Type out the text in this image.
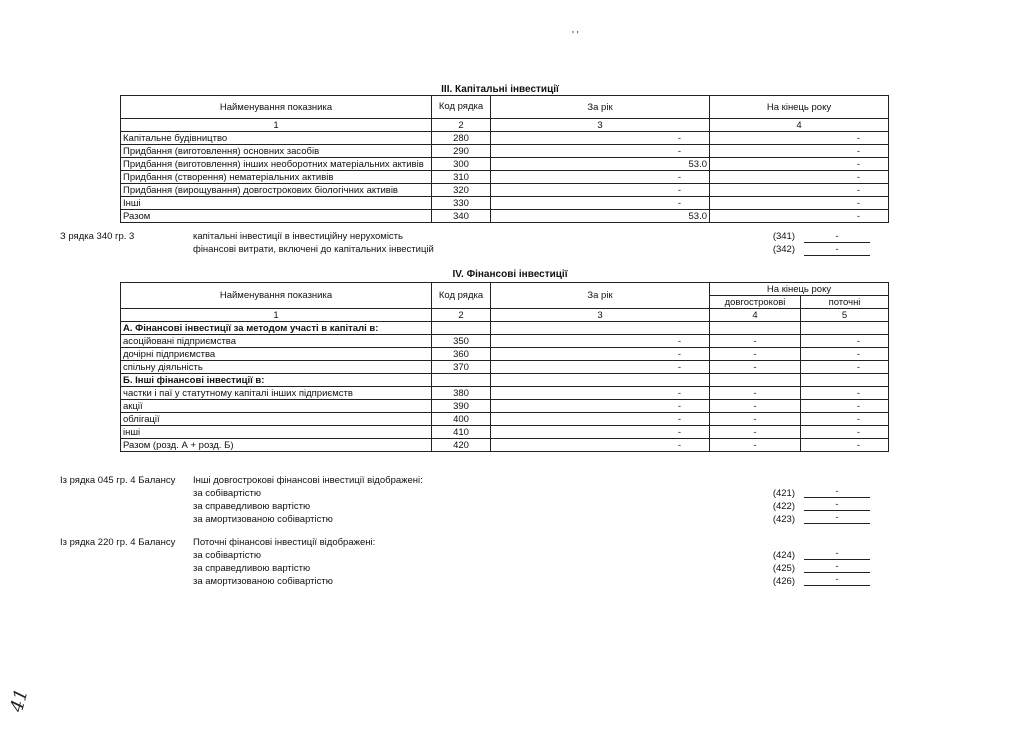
' '
III. Капітальні інвестиції
Найменування показника	Код рядка	За рік	На кінець року
1	2	3	4
Капітальне будівництво	280	-	-
Придбання (виготовлення) основних засобів	290	-	-
Придбання (виготовлення) інших необоротних матеріальних активів	300	53.0	-
Придбання (створення) нематеріальних активів	310	-	-
Придбання (вирощування) довгострокових біологічних активів	320	-	-
Інші	330	-	-
Разом	340	53.0	-
З рядка 340 гр. 3	капітальні інвестиції в інвестиційну нерухомість	(341)	-
фінансові витрати, включені до капітальних інвестицій	(342)	-
IV. Фінансові інвестиції
Найменування показника	Код рядка	За рік	На кінець року	
			довгострокові	поточні
1	2	3	4	5
А. Фінансові інвестиції за методом участі в капіталі в:				
асоційовані підприємства	350	-	-	-
дочірні підприємства	360	-	-	-
спільну діяльність	370	-	-	-
Б. Інші фінансові інвестиції в:				
частки і паї у статутному капіталі інших підприємств	380	-	-	-
акції	390	-	-	-
облігації	400	-	-	-
інші	410	-	-	-
Разом (розд. А + розд. Б)	420	-	-	-
Із рядка 045 гр. 4 Балансу Інші довгострокові фінансові інвестиції відображені:
за собівартістю	(421)	-
за справедливою вартістю	(422)	-
за амортизованою собівартістю	(423)	-
Із рядка 220 гр. 4 Балансу Поточні фінансові інвестиції відображені:
за собівартістю	(424)	-
за справедливою вартістю	(425)	-
за амортизованою собівартістю	(426)	-
41
